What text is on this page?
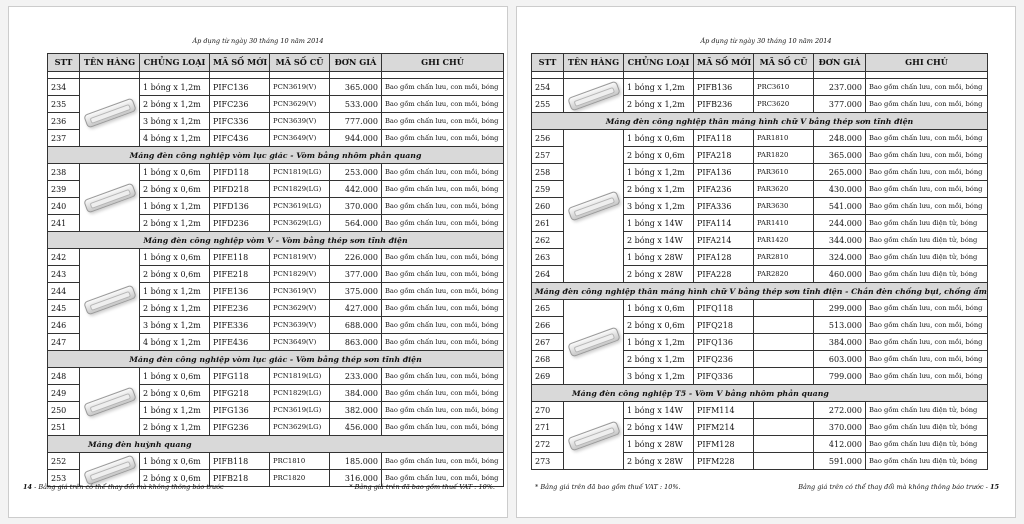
Áp dụng từ ngày 30 tháng 10 năm 2014
STT	TÊN HÀNG	CHỦNG LOẠI	MÃ SỐ MỚI	MÃ SỐ CŨ	ĐƠN GIÁ	GHI CHÚ

234		1 bóng x 1,2m	PIFC136	PCN3619(V)	365.000	Bao gồm chấn lưu, con mồi, bóng
235		2 bóng x 1,2m	PIFC236	PCN3629(V)	533.000	Bao gồm chấn lưu, con mồi, bóng
236		3 bóng x 1,2m	PIFC336	PCN3639(V)	777.000	Bao gồm chấn lưu, con mồi, bóng
237		4 bóng x 1,2m	PIFC436	PCN3649(V)	944.000	Bao gồm chấn lưu, con mồi, bóng
Máng đèn công nghiệp vòm lục giác - Vòm bằng nhôm phản quang						
238		1 bóng x 0,6m	PIFD118	PCN1819(LG)	253.000	Bao gồm chấn lưu, con mồi, bóng
239		2 bóng x 0,6m	PIFD218	PCN1829(LG)	442.000	Bao gồm chấn lưu, con mồi, bóng
240		1 bóng x 1,2m	PIFD136	PCN3619(LG)	370.000	Bao gồm chấn lưu, con mồi, bóng
241		2 bóng x 1,2m	PIFD236	PCN3629(LG)	564.000	Bao gồm chấn lưu, con mồi, bóng
Máng đèn công nghiệp vòm V - Vòm bằng thép sơn tĩnh điện						
242		1 bóng x 0,6m	PIFE118	PCN1819(V)	226.000	Bao gồm chấn lưu, con mồi, bóng
243		2 bóng x 0,6m	PIFE218	PCN1829(V)	377.000	Bao gồm chấn lưu, con mồi, bóng
244		1 bóng x 1,2m	PIFE136	PCN3619(V)	375.000	Bao gồm chấn lưu, con mồi, bóng
245		2 bóng x 1,2m	PIFE236	PCN3629(V)	427.000	Bao gồm chấn lưu, con mồi, bóng
246		3 bóng x 1,2m	PIFE336	PCN3639(V)	688.000	Bao gồm chấn lưu, con mồi, bóng
247		4 bóng x 1,2m	PIFE436	PCN3649(V)	863.000	Bao gồm chấn lưu, con mồi, bóng
Máng đèn công nghiệp vòm lục giác - Vòm bằng thép sơn tĩnh điện						
248		1 bóng x 0,6m	PIFG118	PCN1819(LG)	233.000	Bao gồm chấn lưu, con mồi, bóng
249		2 bóng x 0,6m	PIFG218	PCN1829(LG)	384.000	Bao gồm chấn lưu, con mồi, bóng
250		1 bóng x 1,2m	PIFG136	PCN3619(LG)	382.000	Bao gồm chấn lưu, con mồi, bóng
251		2 bóng x 1,2m	PIFG236	PCN3629(LG)	456.000	Bao gồm chấn lưu, con mồi, bóng
Máng đèn huỳnh quang						
252		1 bóng x 0,6m	PIFB118	PRC1810	185.000	Bao gồm chấn lưu, con mồi, bóng
253		2 bóng x 0,6m	PIFB218	PRC1820	316.000	Bao gồm chấn lưu, con mồi, bóng
14 - Bảng giá trên có thể thay đổi mà không thông báo trước	* Bảng giá trên đã bao gồm thuế VAT : 10%.
Áp dụng từ ngày 30 tháng 10 năm 2014
STT	TÊN HÀNG	CHỦNG LOẠI	MÃ SỐ MỚI	MÃ SỐ CŨ	ĐƠN GIÁ	GHI CHÚ

254		1 bóng x 1,2m	PIFB136	PRC3610	237.000	Bao gồm chấn lưu, con mồi, bóng
255		2 bóng x 1,2m	PIFB236	PRC3620	377.000	Bao gồm chấn lưu, con mồi, bóng
Máng đèn công nghiệp thân máng hình chữ V bằng thép sơn tĩnh điện						
256		1 bóng x 0,6m	PIFA118	PAR1810	248.000	Bao gồm chấn lưu, con mồi, bóng
257		2 bóng x 0,6m	PIFA218	PAR1820	365.000	Bao gồm chấn lưu, con mồi, bóng
258		1 bóng x 1,2m	PIFA136	PAR3610	265.000	Bao gồm chấn lưu, con mồi, bóng
259		2 bóng x 1,2m	PIFA236	PAR3620	430.000	Bao gồm chấn lưu, con mồi, bóng
260		3 bóng x 1,2m	PIFA336	PAR3630	541.000	Bao gồm chấn lưu, con mồi, bóng
261		1 bóng x 14W	PIFA114	PAR1410	244.000	Bao gồm chấn lưu điện tử, bóng
262		2 bóng x 14W	PIFA214	PAR1420	344.000	Bao gồm chấn lưu điện tử, bóng
263		1 bóng x 28W	PIFA128	PAR2810	324.000	Bao gồm chấn lưu điện tử, bóng
264		2 bóng x 28W	PIFA228	PAR2820	460.000	Bao gồm chấn lưu điện tử, bóng
Máng đèn công nghiệp thân máng hình chữ V bằng thép sơn tĩnh điện - Chắn đèn chống bụi, chống ẩm						
265		1 bóng x 0,6m	PIFQ118		299.000	Bao gồm chấn lưu, con mồi, bóng
266		2 bóng x 0,6m	PIFQ218		513.000	Bao gồm chấn lưu, con mồi, bóng
267		1 bóng x 1,2m	PIFQ136		384.000	Bao gồm chấn lưu, con mồi, bóng
268		2 bóng x 1,2m	PIFQ236		603.000	Bao gồm chấn lưu, con mồi, bóng
269		3 bóng x 1,2m	PIFQ336		799.000	Bao gồm chấn lưu, con mồi, bóng
Máng đèn công nghiệp T5 - Vòm V bằng nhôm phản quang						
270		1 bóng x 14W	PIFM114		272.000	Bao gồm chấn lưu điện tử, bóng
271		2 bóng x 14W	PIFM214		370.000	Bao gồm chấn lưu điện tử, bóng
272		1 bóng x 28W	PIFM128		412.000	Bao gồm chấn lưu điện tử, bóng
273		2 bóng x 28W	PIFM228		591.000	Bao gồm chấn lưu điện tử, bóng
* Bảng giá trên đã bao gồm thuế VAT : 10%.	Bảng giá trên có thể thay đổi mà không thông báo trước - 15
